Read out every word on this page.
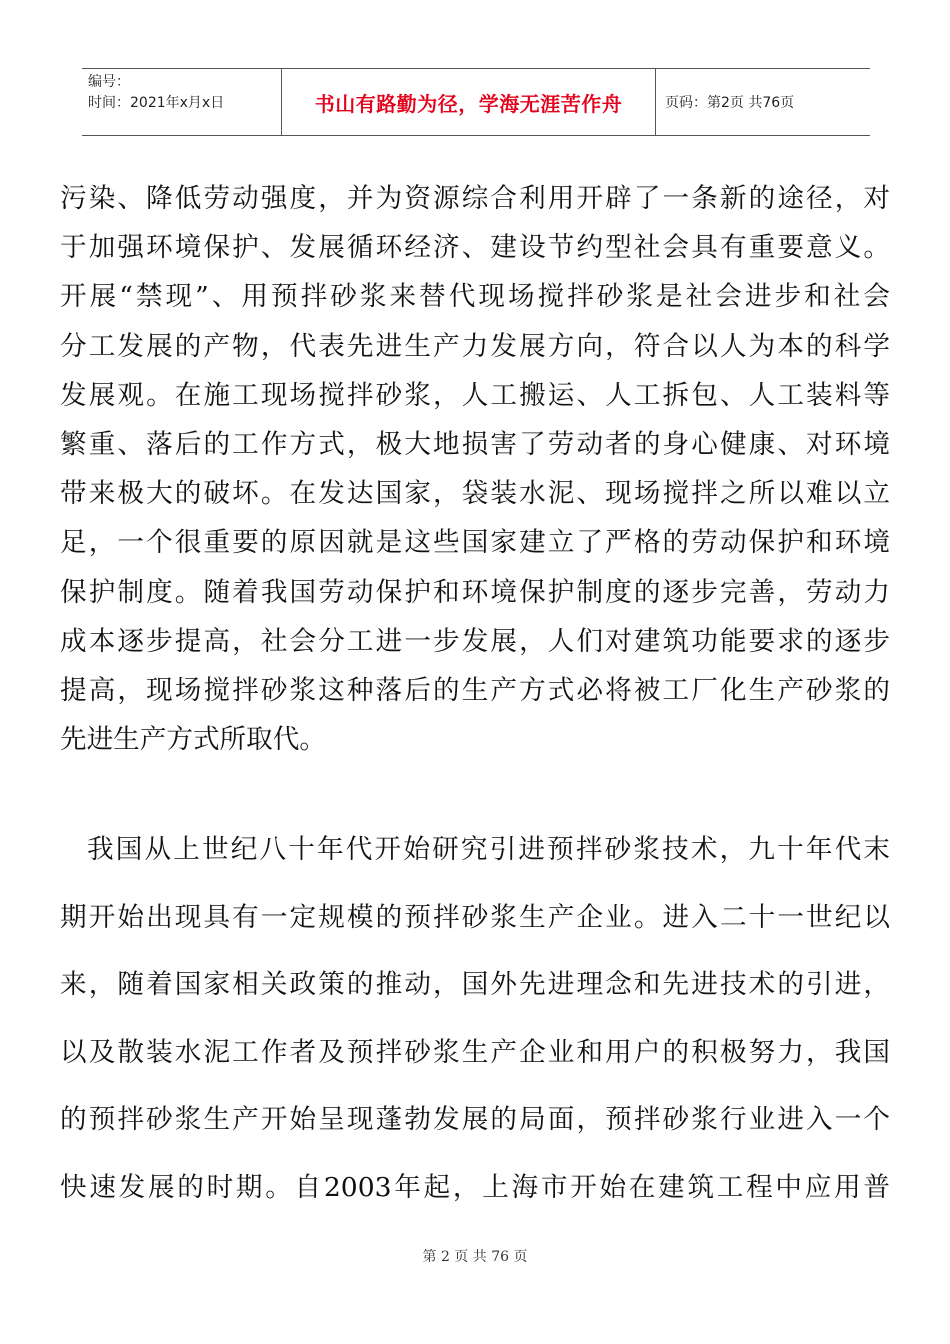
编号：
时间：2021年x月x日	书山有路勤为径，学海无涯苦作舟	页码：第2页 共76页
污染、降低劳动强度，并为资源综合利用开辟了一条新的途径，对
于加强环境保护、发展循环经济、建设节约型社会具有重要意义。
开展“禁现”、用预拌砂浆来替代现场搅拌砂浆是社会进步和社会
分工发展的产物，代表先进生产力发展方向，符合以人为本的科学
发展观。在施工现场搅拌砂浆，人工搬运、人工拆包、人工装料等
繁重、落后的工作方式，极大地损害了劳动者的身心健康、对环境
带来极大的破坏。在发达国家，袋装水泥、现场搅拌之所以难以立
足，一个很重要的原因就是这些国家建立了严格的劳动保护和环境
保护制度。随着我国劳动保护和环境保护制度的逐步完善，劳动力
成本逐步提高，社会分工进一步发展，人们对建筑功能要求的逐步
提高，现场搅拌砂浆这种落后的生产方式必将被工厂化生产砂浆的
先进生产方式所取代。
我国从上世纪八十年代开始研究引进预拌砂浆技术，九十年代末
期开始出现具有一定规模的预拌砂浆生产企业。进入二十一世纪以
来，随着国家相关政策的推动，国外先进理念和先进技术的引进，
以及散装水泥工作者及预拌砂浆生产企业和用户的积极努力，我国
的预拌砂浆生产开始呈现蓬勃发展的局面，预拌砂浆行业进入一个
快速发展的时期。自2003年起，上海市开始在建筑工程中应用普
第 2 页 共 76 页
